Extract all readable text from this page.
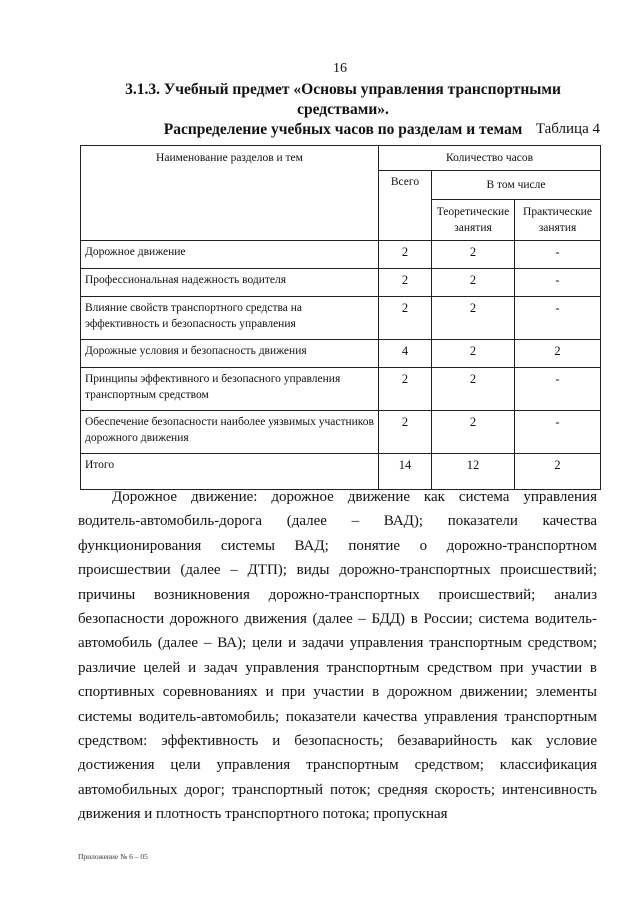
16
3.1.3. Учебный предмет «Основы управления транспортными средствами».
Распределение учебных часов по разделам и темам Таблица 4
Наименование разделов и тем	Количество часов		
	Всего	В том числе	
		Теоретические занятия	Практические занятия
Дорожное движение	2	2	-
Профессиональная надежность водителя	2	2	-
Влияние свойств транспортного средства на эффективность и безопасность управления	2	2	-
Дорожные условия и безопасность движения	4	2	2
Принципы эффективного и безопасного управления транспортным средством	2	2	-
Обеспечение безопасности наиболее уязвимых участников дорожного движения	2	2	-
Итого	14	12	2

Дорожное движение: дорожное движение как система управления водитель-автомобиль-дорога (далее – ВАД); показатели качества функционирования системы ВАД; понятие о дорожно-транспортном происшествии (далее – ДТП); виды дорожно-транспортных происшествий; причины возникновения дорожно-транспортных происшествий; анализ безопасности дорожного движения (далее – БДД) в России; система водитель-автомобиль (далее – ВА); цели и задачи управления транспортным средством; различие целей и задач управления транспортным средством при участии в спортивных соревнованиях и при участии в дорожном движении; элементы системы водитель-автомобиль; показатели качества управления транспортным средством: эффективность и безопасность; безаварийность как условие достижения цели управления транспортным средством; классификация автомобильных дорог; транспортный поток; средняя скорость; интенсивность движения и плотность транспортного потока; пропускная

Приложение № 6 – 05
